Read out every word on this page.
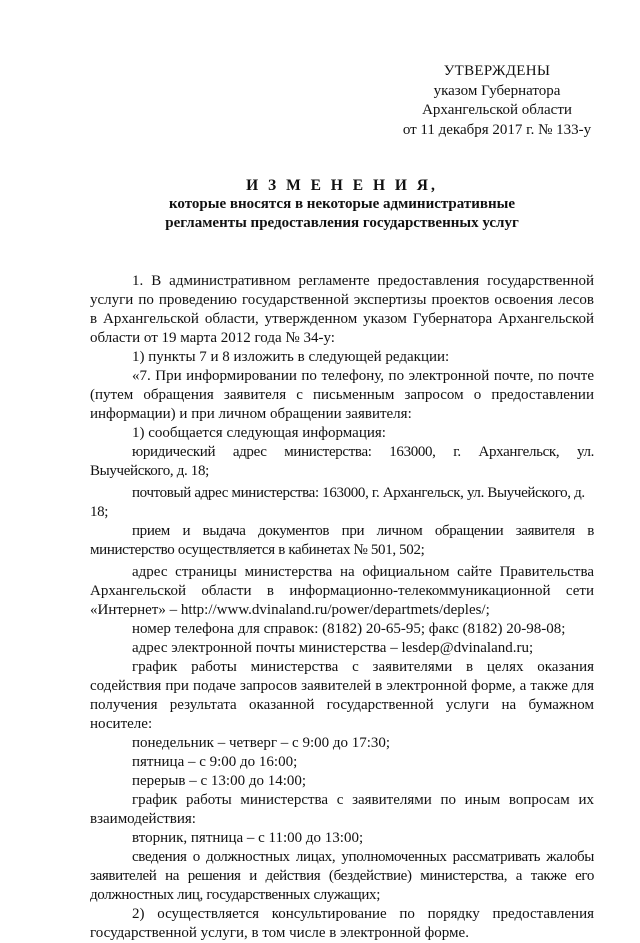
УТВЕРЖДЕНЫ
указом Губернатора
Архангельской области
от 11 декабря 2017 г. № 133-у
И З М Е Н Е Н И Я,
которые вносятся в некоторые административные
регламенты предоставления государственных услуг

1. В административном регламенте предоставления государственной услуги по проведению государственной экспертизы проектов освоения лесов в Архангельской области, утвержденном указом Губернатора Архангельской области от 19 марта 2012 года № 34-у:

1) пункты 7 и 8 изложить в следующей редакции:

«7. При информировании по телефону, по электронной почте, по почте (путем обращения заявителя с письменным запросом о предоставлении информации) и при личном обращении заявителя:

1) сообщается следующая информация:

юридический адрес министерства: 163000, г. Архангельск, ул. Выучейского, д. 18;

почтовый адрес министерства: 163000, г. Архангельск, ул. Выучейского, д. 18;

прием и выдача документов при личном обращении заявителя в министерство осуществляется в кабинетах № 501, 502;

адрес страницы министерства на официальном сайте Правительства Архангельской области в информационно-телекоммуникационной сети «Интернет» – http://www.dvinaland.ru/power/departmets/deples/;

номер телефона для справок: (8182) 20-65-95; факс (8182) 20-98-08;

адрес электронной почты министерства – lesdep@dvinaland.ru;

график работы министерства с заявителями в целях оказания содействия при подаче запросов заявителей в электронной форме, а также для получения результата оказанной государственной услуги на бумажном носителе:

понедельник – четверг – с 9:00 до 17:30;

пятница – с 9:00 до 16:00;

перерыв – с 13:00 до 14:00;

график работы министерства с заявителями по иным вопросам их взаимодействия:

вторник, пятница – с 11:00 до 13:00;

сведения о должностных лицах, уполномоченных рассматривать жалобы заявителей на решения и действия (бездействие) министерства, а также его должностных лиц, государственных служащих;

2) осуществляется консультирование по порядку предоставления государственной услуги, в том числе в электронной форме.
